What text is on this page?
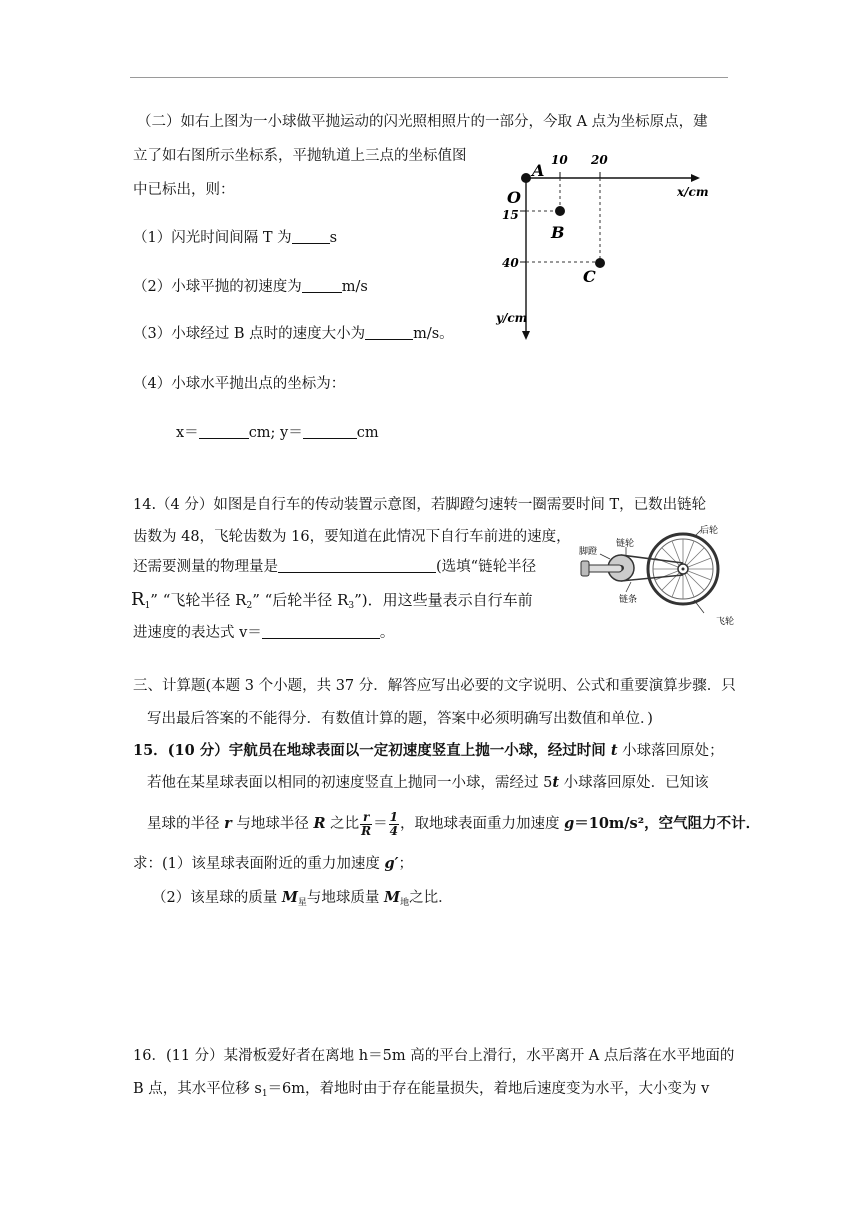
（二）如右上图为一小球做平抛运动的闪光照相照片的一部分，今取 A 点为坐标原点，建
立了如右图所示坐标系，平抛轨道上三点的坐标值图
中已标出，则：
（1）闪光时间间隔 T 为	s
（2）小球平抛的初速度为	m/s
（3）小球经过 B 点时的速度大小为	m/s。
（4）小球水平抛出点的坐标为：
x＝	cm; y＝	cm
10 20
15
40
O
A
B
C
x/cm
y/cm
14.（4 分）如图是自行车的传动装置示意图，若脚蹬匀速转一圈需要时间 T，已数出链轮
齿数为 48，飞轮齿数为 16，要知道在此情况下自行车前进的速度，
还需要测量的物理量是	(选填“链轮半径
$R_1$” “飞轮半径 $R_2$” “后轮半径 $R_3$”)．用这些量表示自行车前
进速度的表达式 v＝	。
后轮
脚蹬
链轮
链条
飞轮
三、计算题(本题 3 个小题，共 37 分．解答应写出必要的文字说明、公式和重要演算步骤．只
写出最后答案的不能得分．有数值计算的题，答案中必须明确写出数值和单位．)
15．(10 分）宇航员在地球表面以一定初速度竖直上抛一小球，经过时间 t 小球落回原处；
若他在某星球表面以相同的初速度竖直上抛同一小球，需经过 5t 小球落回原处．已知该
星球的半径 r 与地球半径 R 之比 $\frac{r}{R} = \frac{1}{4}$ ，取地球表面重力加速度 g＝10m/s²，空气阻力不计．
求：(1）该星球表面附近的重力加速度 g′；
（2）该星球的质量 $M_星$与地球质量 $M_地$之比．
16．(11 分）某滑板爱好者在离地 h＝5m 高的平台上滑行，水平离开 A 点后落在水平地面的
B 点，其水平位移 $s_1=6m$，着地时由于存在能量损失，着地后速度变为水平，大小变为 v
